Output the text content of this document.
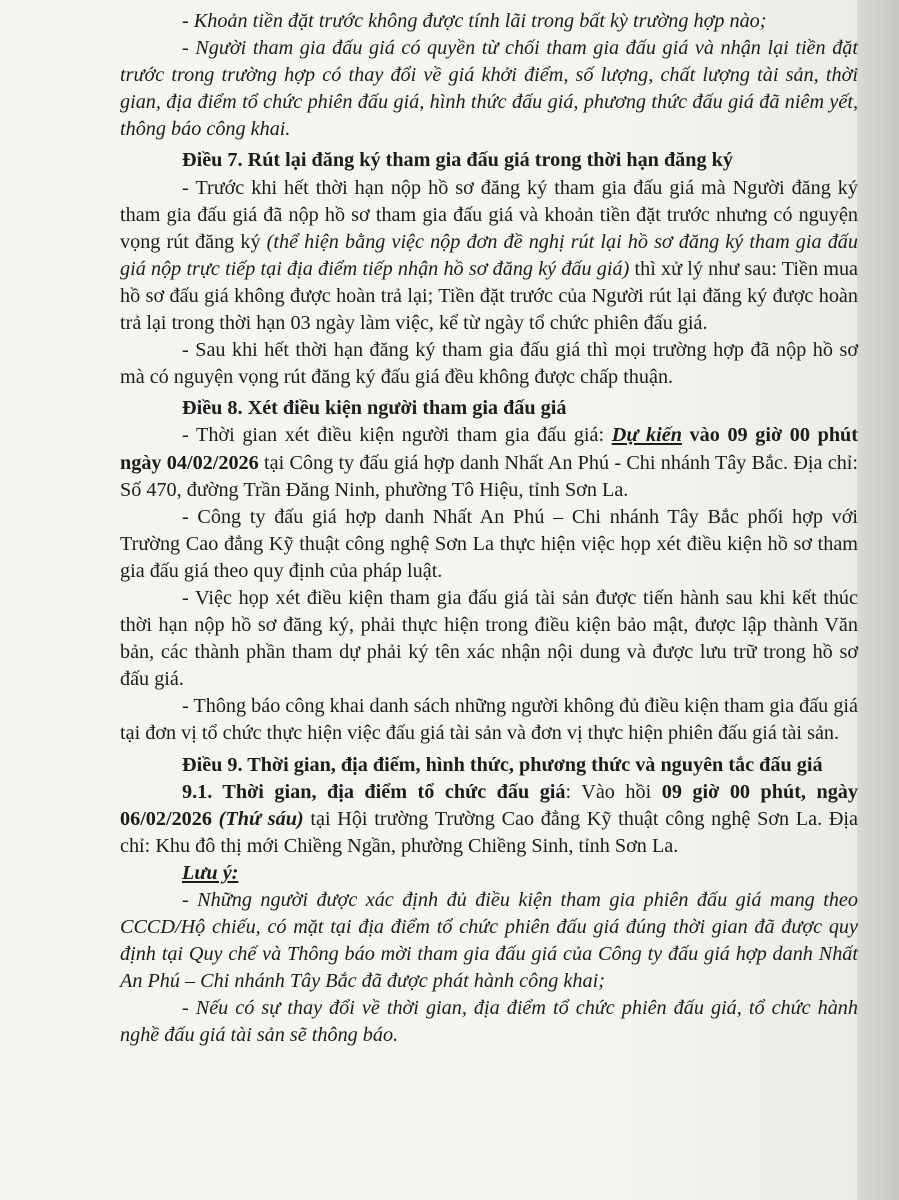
- Khoản tiền đặt trước không được tính lãi trong bất kỳ trường hợp nào;

- Người tham gia đấu giá có quyền từ chối tham gia đấu giá và nhận lại tiền đặt trước trong trường hợp có thay đổi về giá khởi điểm, số lượng, chất lượng tài sản, thời gian, địa điểm tổ chức phiên đấu giá, hình thức đấu giá, phương thức đấu giá đã niêm yết, thông báo công khai.

Điều 7. Rút lại đăng ký tham gia đấu giá trong thời hạn đăng ký

- Trước khi hết thời hạn nộp hồ sơ đăng ký tham gia đấu giá mà Người đăng ký tham gia đấu giá đã nộp hồ sơ tham gia đấu giá và khoản tiền đặt trước nhưng có nguyện vọng rút đăng ký (thể hiện bằng việc nộp đơn đề nghị rút lại hồ sơ đăng ký tham gia đấu giá nộp trực tiếp tại địa điểm tiếp nhận hồ sơ đăng ký đấu giá) thì xử lý như sau: Tiền mua hồ sơ đấu giá không được hoàn trả lại; Tiền đặt trước của Người rút lại đăng ký được hoàn trả lại trong thời hạn 03 ngày làm việc, kể từ ngày tổ chức phiên đấu giá.

- Sau khi hết thời hạn đăng ký tham gia đấu giá thì mọi trường hợp đã nộp hồ sơ mà có nguyện vọng rút đăng ký đấu giá đều không được chấp thuận.

Điều 8. Xét điều kiện người tham gia đấu giá

- Thời gian xét điều kiện người tham gia đấu giá: Dự kiến vào 09 giờ 00 phút ngày 04/02/2026 tại Công ty đấu giá hợp danh Nhất An Phú - Chi nhánh Tây Bắc. Địa chỉ: Số 470, đường Trần Đăng Ninh, phường Tô Hiệu, tỉnh Sơn La.

- Công ty đấu giá hợp danh Nhất An Phú – Chi nhánh Tây Bắc phối hợp với Trường Cao đẳng Kỹ thuật công nghệ Sơn La thực hiện việc họp xét điều kiện hồ sơ tham gia đấu giá theo quy định của pháp luật.

- Việc họp xét điều kiện tham gia đấu giá tài sản được tiến hành sau khi kết thúc thời hạn nộp hồ sơ đăng ký, phải thực hiện trong điều kiện bảo mật, được lập thành Văn bản, các thành phần tham dự phải ký tên xác nhận nội dung và được lưu trữ trong hồ sơ đấu giá.

- Thông báo công khai danh sách những người không đủ điều kiện tham gia đấu giá tại đơn vị tổ chức thực hiện việc đấu giá tài sản và đơn vị thực hiện phiên đấu giá tài sản.

Điều 9. Thời gian, địa điểm, hình thức, phương thức và nguyên tắc đấu giá

9.1. Thời gian, địa điểm tổ chức đấu giá: Vào hồi 09 giờ 00 phút, ngày 06/02/2026 (Thứ sáu) tại Hội trường Trường Cao đẳng Kỹ thuật công nghệ Sơn La. Địa chỉ: Khu đô thị mới Chiềng Ngần, phường Chiềng Sinh, tỉnh Sơn La.

Lưu ý:

- Những người được xác định đủ điều kiện tham gia phiên đấu giá mang theo CCCD/Hộ chiếu, có mặt tại địa điểm tổ chức phiên đấu giá đúng thời gian đã được quy định tại Quy chế và Thông báo mời tham gia đấu giá của Công ty đấu giá hợp danh Nhất An Phú – Chi nhánh Tây Bắc đã được phát hành công khai;

- Nếu có sự thay đổi về thời gian, địa điểm tổ chức phiên đấu giá, tổ chức hành nghề đấu giá tài sản sẽ thông báo.
